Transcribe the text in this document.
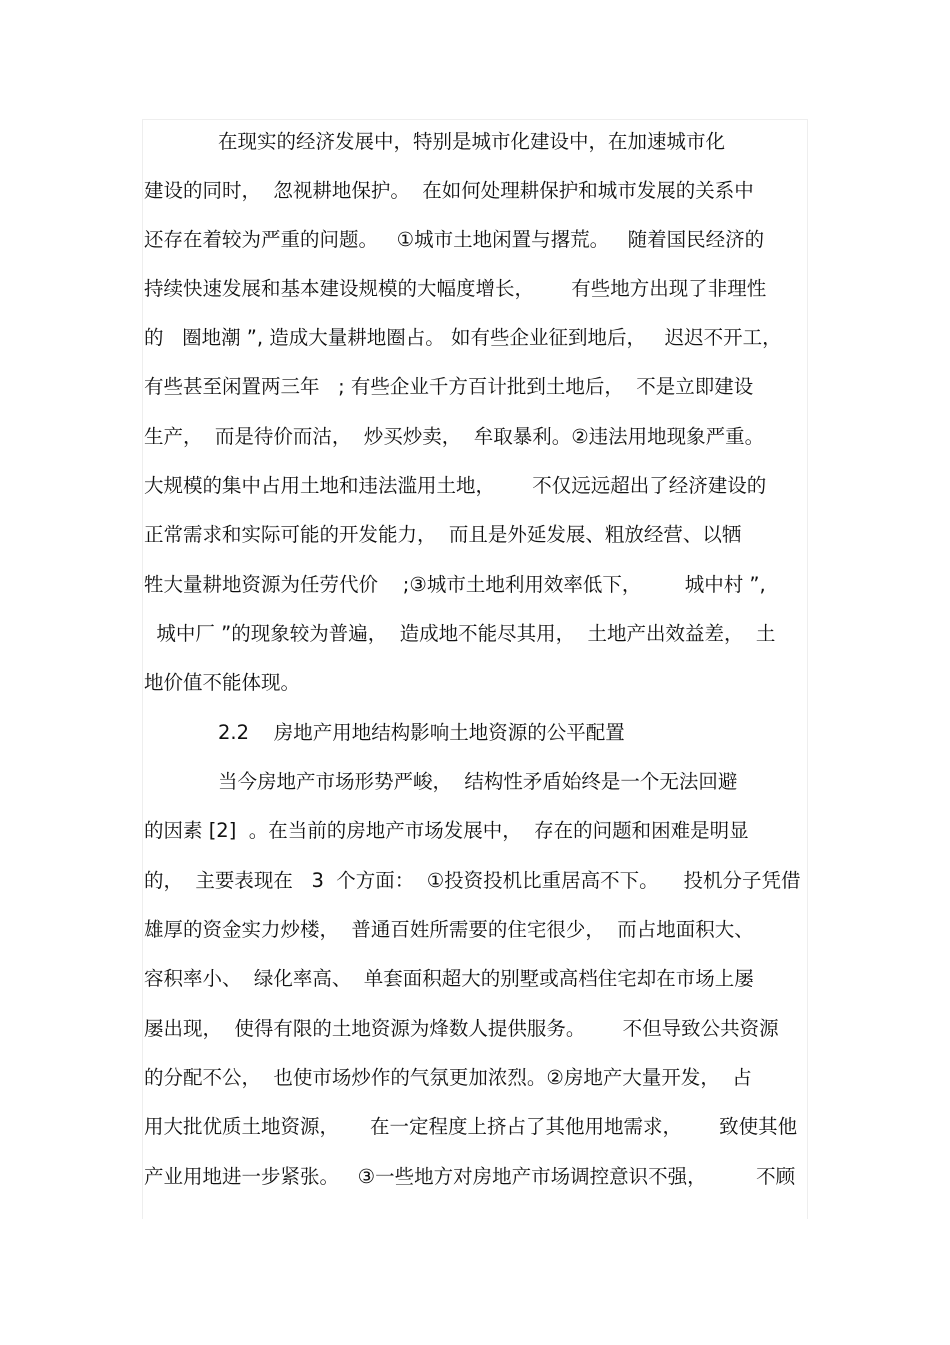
在现实的经济发展中，特别是城市化建设中，在加速城市化
建设的同时，  忽视耕地保护。  在如何处理耕保护和城市发展的关系中
还存在着较为严重的问题。   ①城市土地闲置与撂荒。   随着国民经济的
持续快速发展和基本建设规模的大幅度增长，      有些地方出现了非理性
的   圈地潮 ”, 造成大量耕地圈占。 如有些企业征到地后，   迟迟不开工，
有些甚至闲置两三年   ; 有些企业千方百计批到土地后，  不是立即建设
生产，  而是待价而沽，  炒买炒卖，  牟取暴利。②违法用地现象严重。
大规模的集中占用土地和违法滥用土地，      不仅远远超出了经济建设的
正常需求和实际可能的开发能力，  而且是外延发展、粗放经营、以牺
牲大量耕地资源为任劳代价    ;③城市土地利用效率低下，       城中村 ”,
城中厂 ”的现象较为普遍，  造成地不能尽其用，  土地产出效益差，  土
地价值不能体现。
2.2    房地产用地结构影响土地资源的公平配置
当今房地产市场形势严峻，  结构性矛盾始终是一个无法回避
的因素 [2]  。在当前的房地产市场发展中，  存在的问题和困难是明显
的，  主要表现在   3  个方面：  ①投资投机比重居高不下。    投机分子凭借
雄厚的资金实力炒楼，  普通百姓所需要的住宅很少，  而占地面积大、
容积率小、  绿化率高、  单套面积超大的别墅或高档住宅却在市场上屡
屡出现，  使得有限的土地资源为烽数人提供服务。      不但导致公共资源
的分配不公，  也使市场炒作的气氛更加浓烈。②房地产大量开发，  占
用大批优质土地资源，     在一定程度上挤占了其他用地需求，      致使其他
产业用地进一步紧张。   ③一些地方对房地产市场调控意识不强，        不顾
